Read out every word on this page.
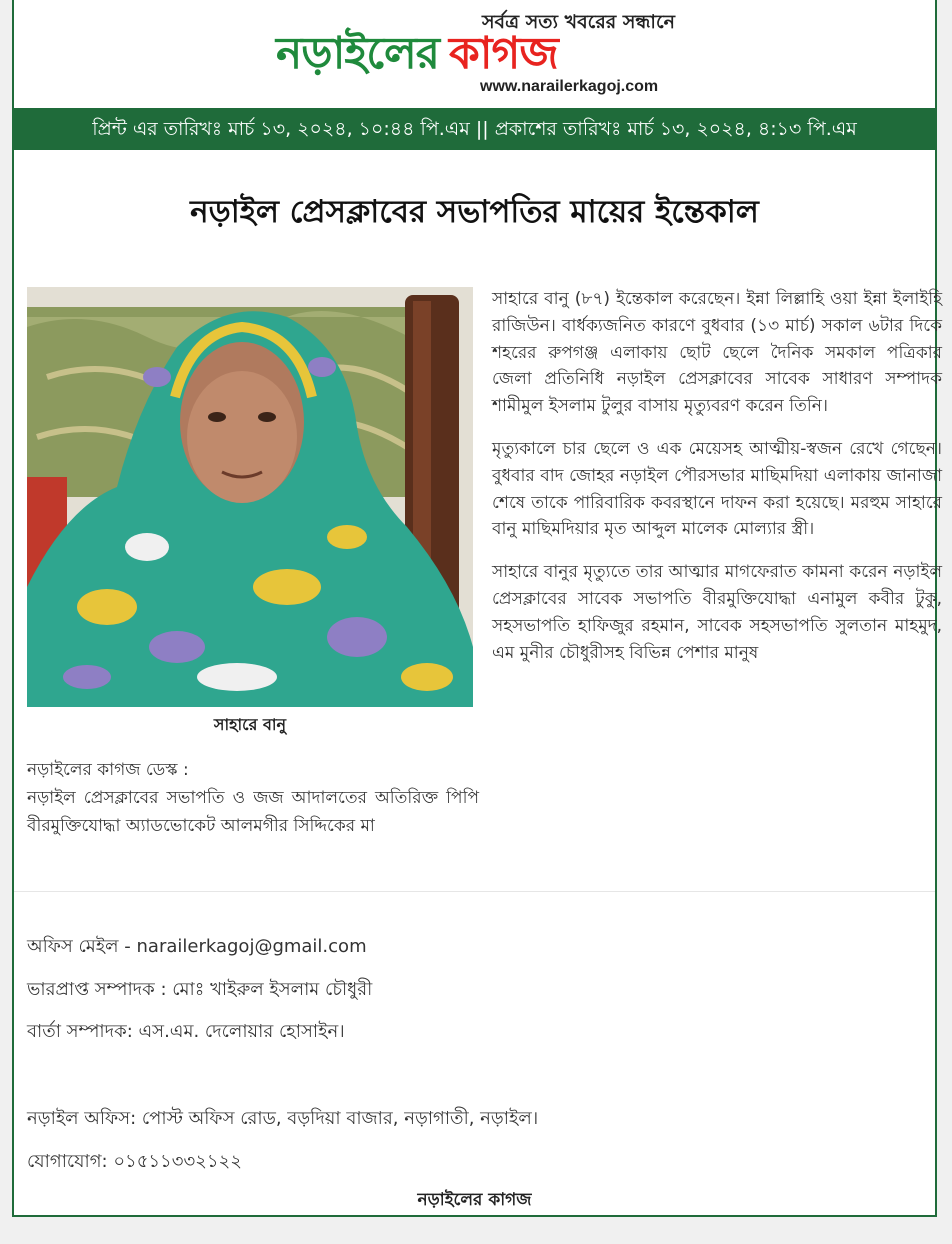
সর্বত্র সত্য খবরের সন্ধানে
নড়াইলের কাগজ
www.narailerkagoj.com
প্রিন্ট এর তারিখঃ মার্চ ১৩, ২০২৪, ১০:৪৪ পি.এম || প্রকাশের তারিখঃ মার্চ ১৩, ২০২৪, ৪:১৩ পি.এম
নড়াইল প্রেসক্লাবের সভাপতির মায়ের ইন্তেকাল
সাহারে বানু

নড়াইলের কাগজ ডেস্ক :

নড়াইল প্রেসক্লাবের সভাপতি ও জজ আদালতের অতিরিক্ত পিপি বীরমুক্তিযোদ্ধা অ্যাডভোকেট আলমগীর সিদ্দিকের মা

সাহারে বানু (৮৭) ইন্তেকাল করেছেন। ইন্না লিল্লাহি ওয়া ইন্না ইলাইহি রাজিউন। বার্ধক্যজনিত কারণে বুধবার (১৩ মার্চ) সকাল ৬টার দিকে শহরের রুপগঞ্জ এলাকায় ছোট ছেলে দৈনিক সমকাল পত্রিকার জেলা প্রতিনিধি নড়াইল প্রেসক্লাবের সাবেক সাধারণ সম্পাদক শামীমুল ইসলাম টুলুর বাসায় মৃত্যুবরণ করেন তিনি।

মৃত্যুকালে চার ছেলে ও এক মেয়েসহ আত্মীয়-স্বজন রেখে গেছেন। বুধবার বাদ জোহর নড়াইল পৌরসভার মাছিমদিয়া এলাকায় জানাজা শেষে তাকে পারিবারিক কবরস্থানে দাফন করা হয়েছে। মরহুম সাহারে বানু মাছিমদিয়ার মৃত আব্দুল মালেক মোল্যার স্ত্রী।

সাহারে বানুর মৃত্যুতে তার আত্মার মাগফেরাত কামনা করেন নড়াইল প্রেসক্লাবের সাবেক সভাপতি বীরমুক্তিযোদ্ধা এনামুল কবীর টুকু, সহসভাপতি হাফিজুর রহমান, সাবেক সহসভাপতি সুলতান মাহমুদ, এম মুনীর চৌধুরীসহ বিভিন্ন পেশার মানুষ

অফিস মেইল - narailerkagoj@gmail.com
ভারপ্রাপ্ত সম্পাদক : মোঃ খাইরুল ইসলাম চৌধুরী
বার্তা সম্পাদক: এস.এম. দেলোয়ার হোসাইন।
নড়াইল অফিস: পোস্ট অফিস রোড, বড়দিয়া বাজার, নড়াগাতী, নড়াইল।
যোগাযোগ: ০১৫১১৩৩২১২২
নড়াইলের কাগজ
